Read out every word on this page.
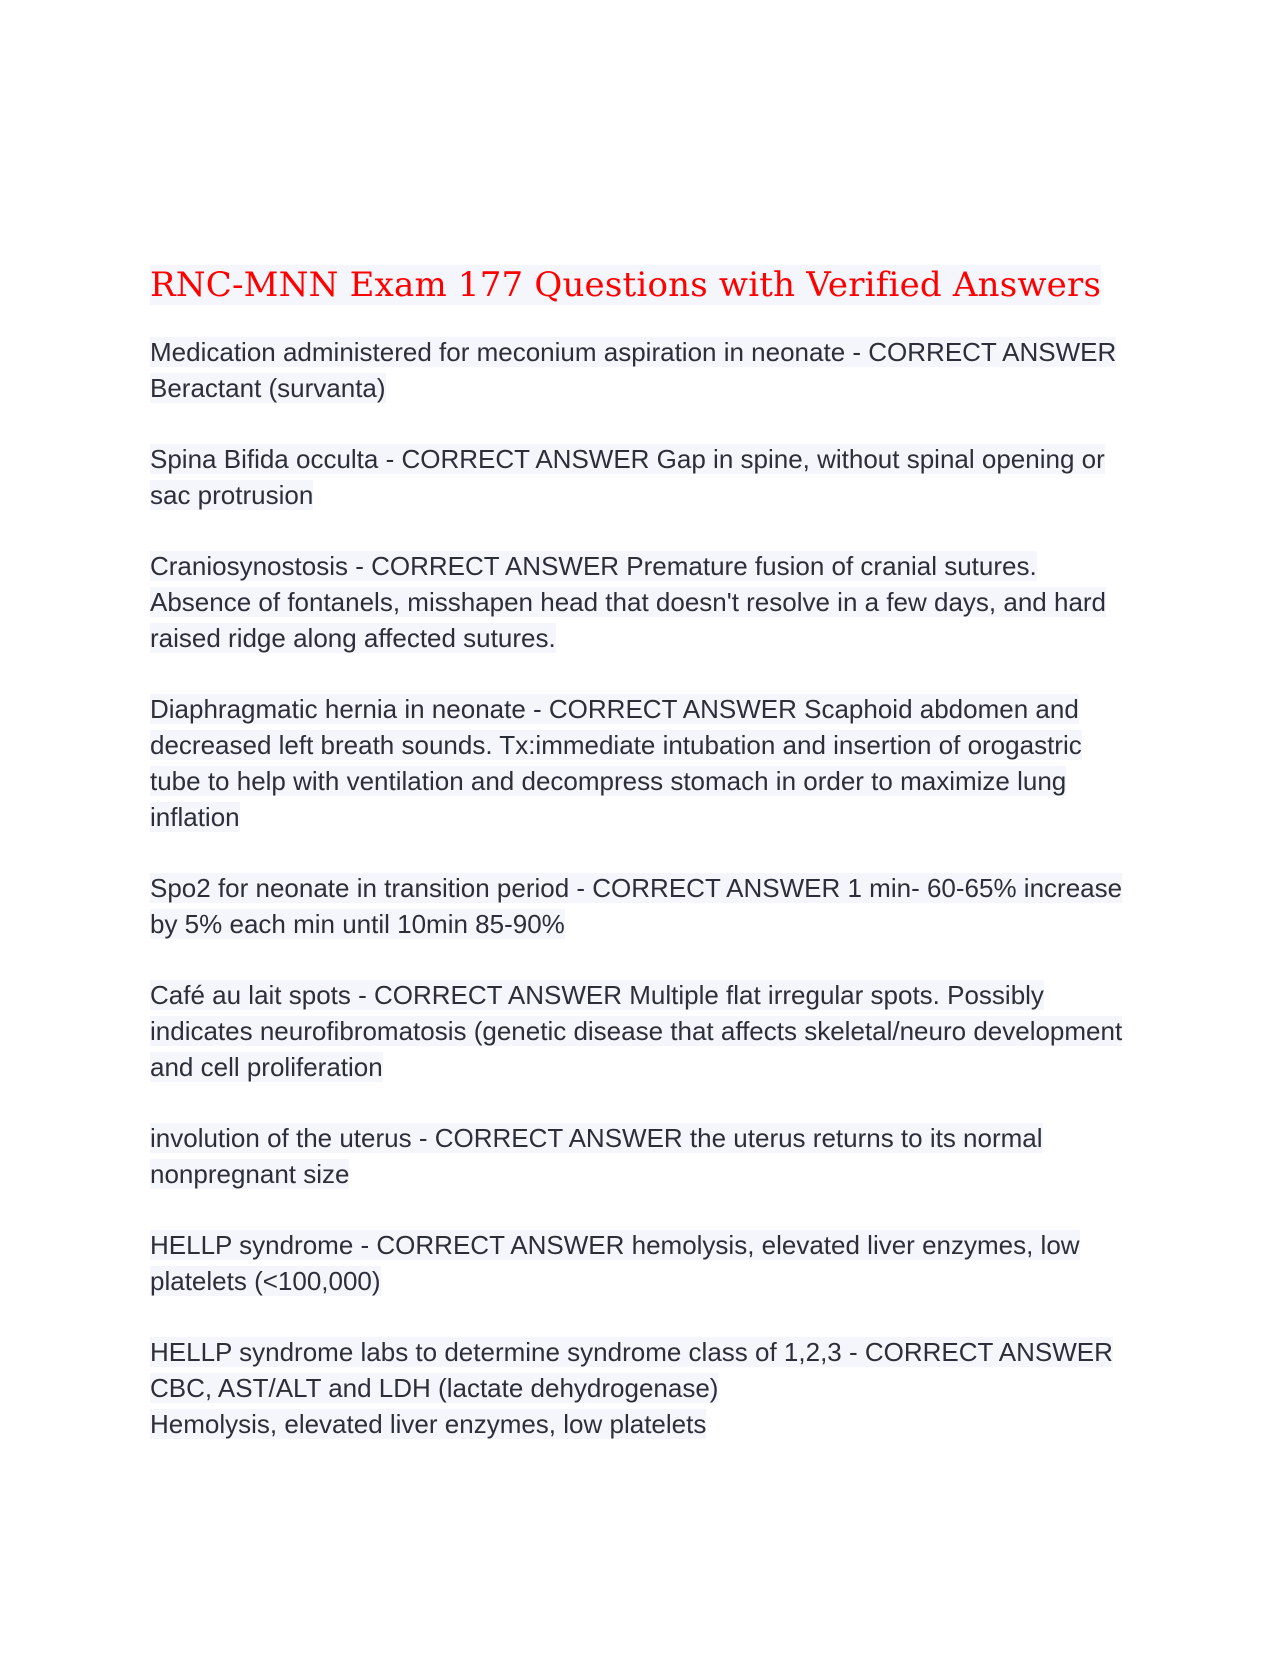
RNC-MNN Exam 177 Questions with Verified Answers

Medication administered for meconium aspiration in neonate - CORRECT ANSWER Beractant (survanta)

Spina Bifida occulta - CORRECT ANSWER Gap in spine, without spinal opening or sac protrusion

Craniosynostosis - CORRECT ANSWER Premature fusion of cranial sutures. Absence of fontanels, misshapen head that doesn't resolve in a few days, and hard raised ridge along affected sutures.

Diaphragmatic hernia in neonate - CORRECT ANSWER Scaphoid abdomen and decreased left breath sounds. Tx:immediate intubation and insertion of orogastric tube to help with ventilation and decompress stomach in order to maximize lung inflation

Spo2 for neonate in transition period - CORRECT ANSWER 1 min- 60-65% increase by 5% each min until 10min 85-90%

Café au lait spots - CORRECT ANSWER Multiple flat irregular spots. Possibly indicates neurofibromatosis (genetic disease that affects skeletal/neuro development and cell proliferation

involution of the uterus - CORRECT ANSWER the uterus returns to its normal nonpregnant size

HELLP syndrome - CORRECT ANSWER hemolysis, elevated liver enzymes, low platelets (<100,000)

HELLP syndrome labs to determine syndrome class of 1,2,3 - CORRECT ANSWER CBC, AST/ALT and LDH (lactate dehydrogenase)
Hemolysis, elevated liver enzymes, low platelets
